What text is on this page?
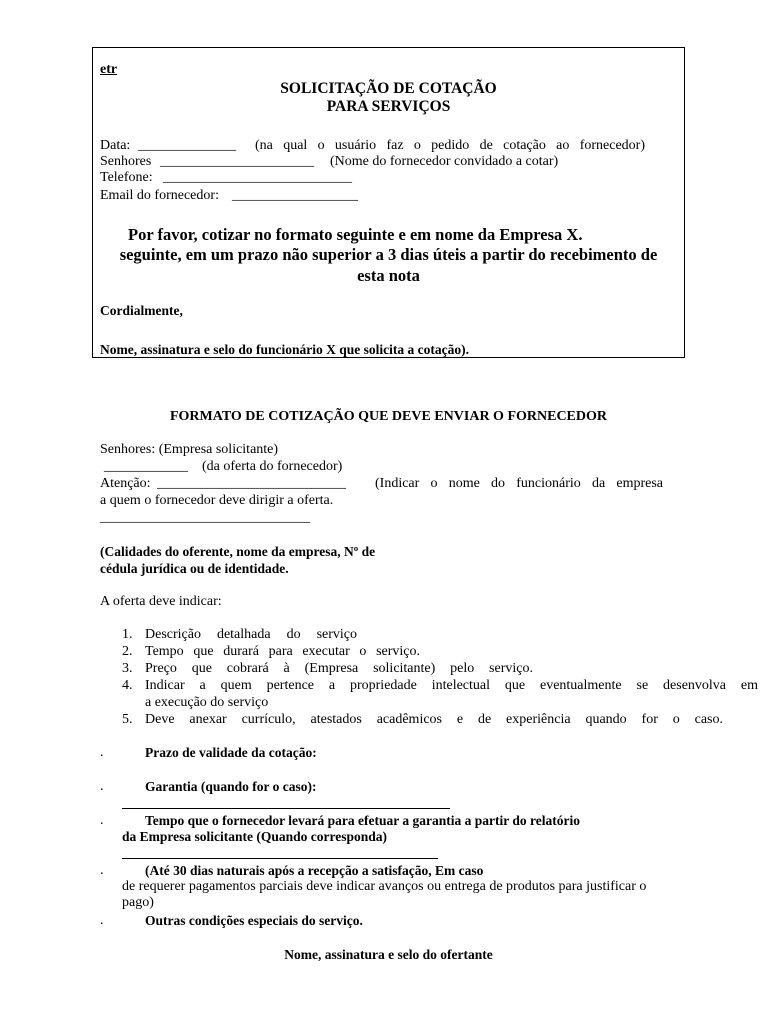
etr
SOLICITAÇÃO DE COTAÇÃO
PARA SERVIÇOS
Data: ______________ (na qual o usuário faz o pedido de cotação ao fornecedor)
Senhores ______________________ (Nome do fornecedor convidado a cotar)
Telefone: ___________________________
Email do fornecedor: __________________
Por favor, cotizar no formato seguinte e em nome da Empresa X.
seguinte, em um prazo não superior a 3 dias úteis a partir do recebimento de
esta nota
Cordialmente,
Nome, assinatura e selo do funcionário X que solicita a cotação).
FORMATO DE COTIZAÇÃO QUE DEVE ENVIAR O FORNECEDOR
Senhores: (Empresa solicitante)
____________ (da oferta do fornecedor)
Atenção: ___________________________ (Indicar o nome do funcionário da empresa
a quem o fornecedor deve dirigir a oferta.
______________________________
(Calidades do oferente, nome da empresa, Nº de
cédula jurídica ou de identidade.
A oferta deve indicar:
1. Descrição detalhada do serviço
2. Tempo que durará para executar o serviço.
3. Preço que cobrará à (Empresa solicitante) pelo serviço.
4. Indicar a quem pertence a propriedade intelectual que eventualmente se desenvolva em
a execução do serviço
5. Deve anexar currículo, atestados acadêmicos e de experiência quando for o caso.
.	Prazo de validade da cotação:
.	Garantia (quando for o caso):
.	Tempo que o fornecedor levará para efetuar a garantia a partir do relatório
da Empresa solicitante (Quando corresponda)
.	(Até 30 dias naturais após a recepção a satisfação, Em caso
de requerer pagamentos parciais deve indicar avanços ou entrega de produtos para justificar o
pago)
.	Outras condições especiais do serviço.
Nome, assinatura e selo do ofertante
